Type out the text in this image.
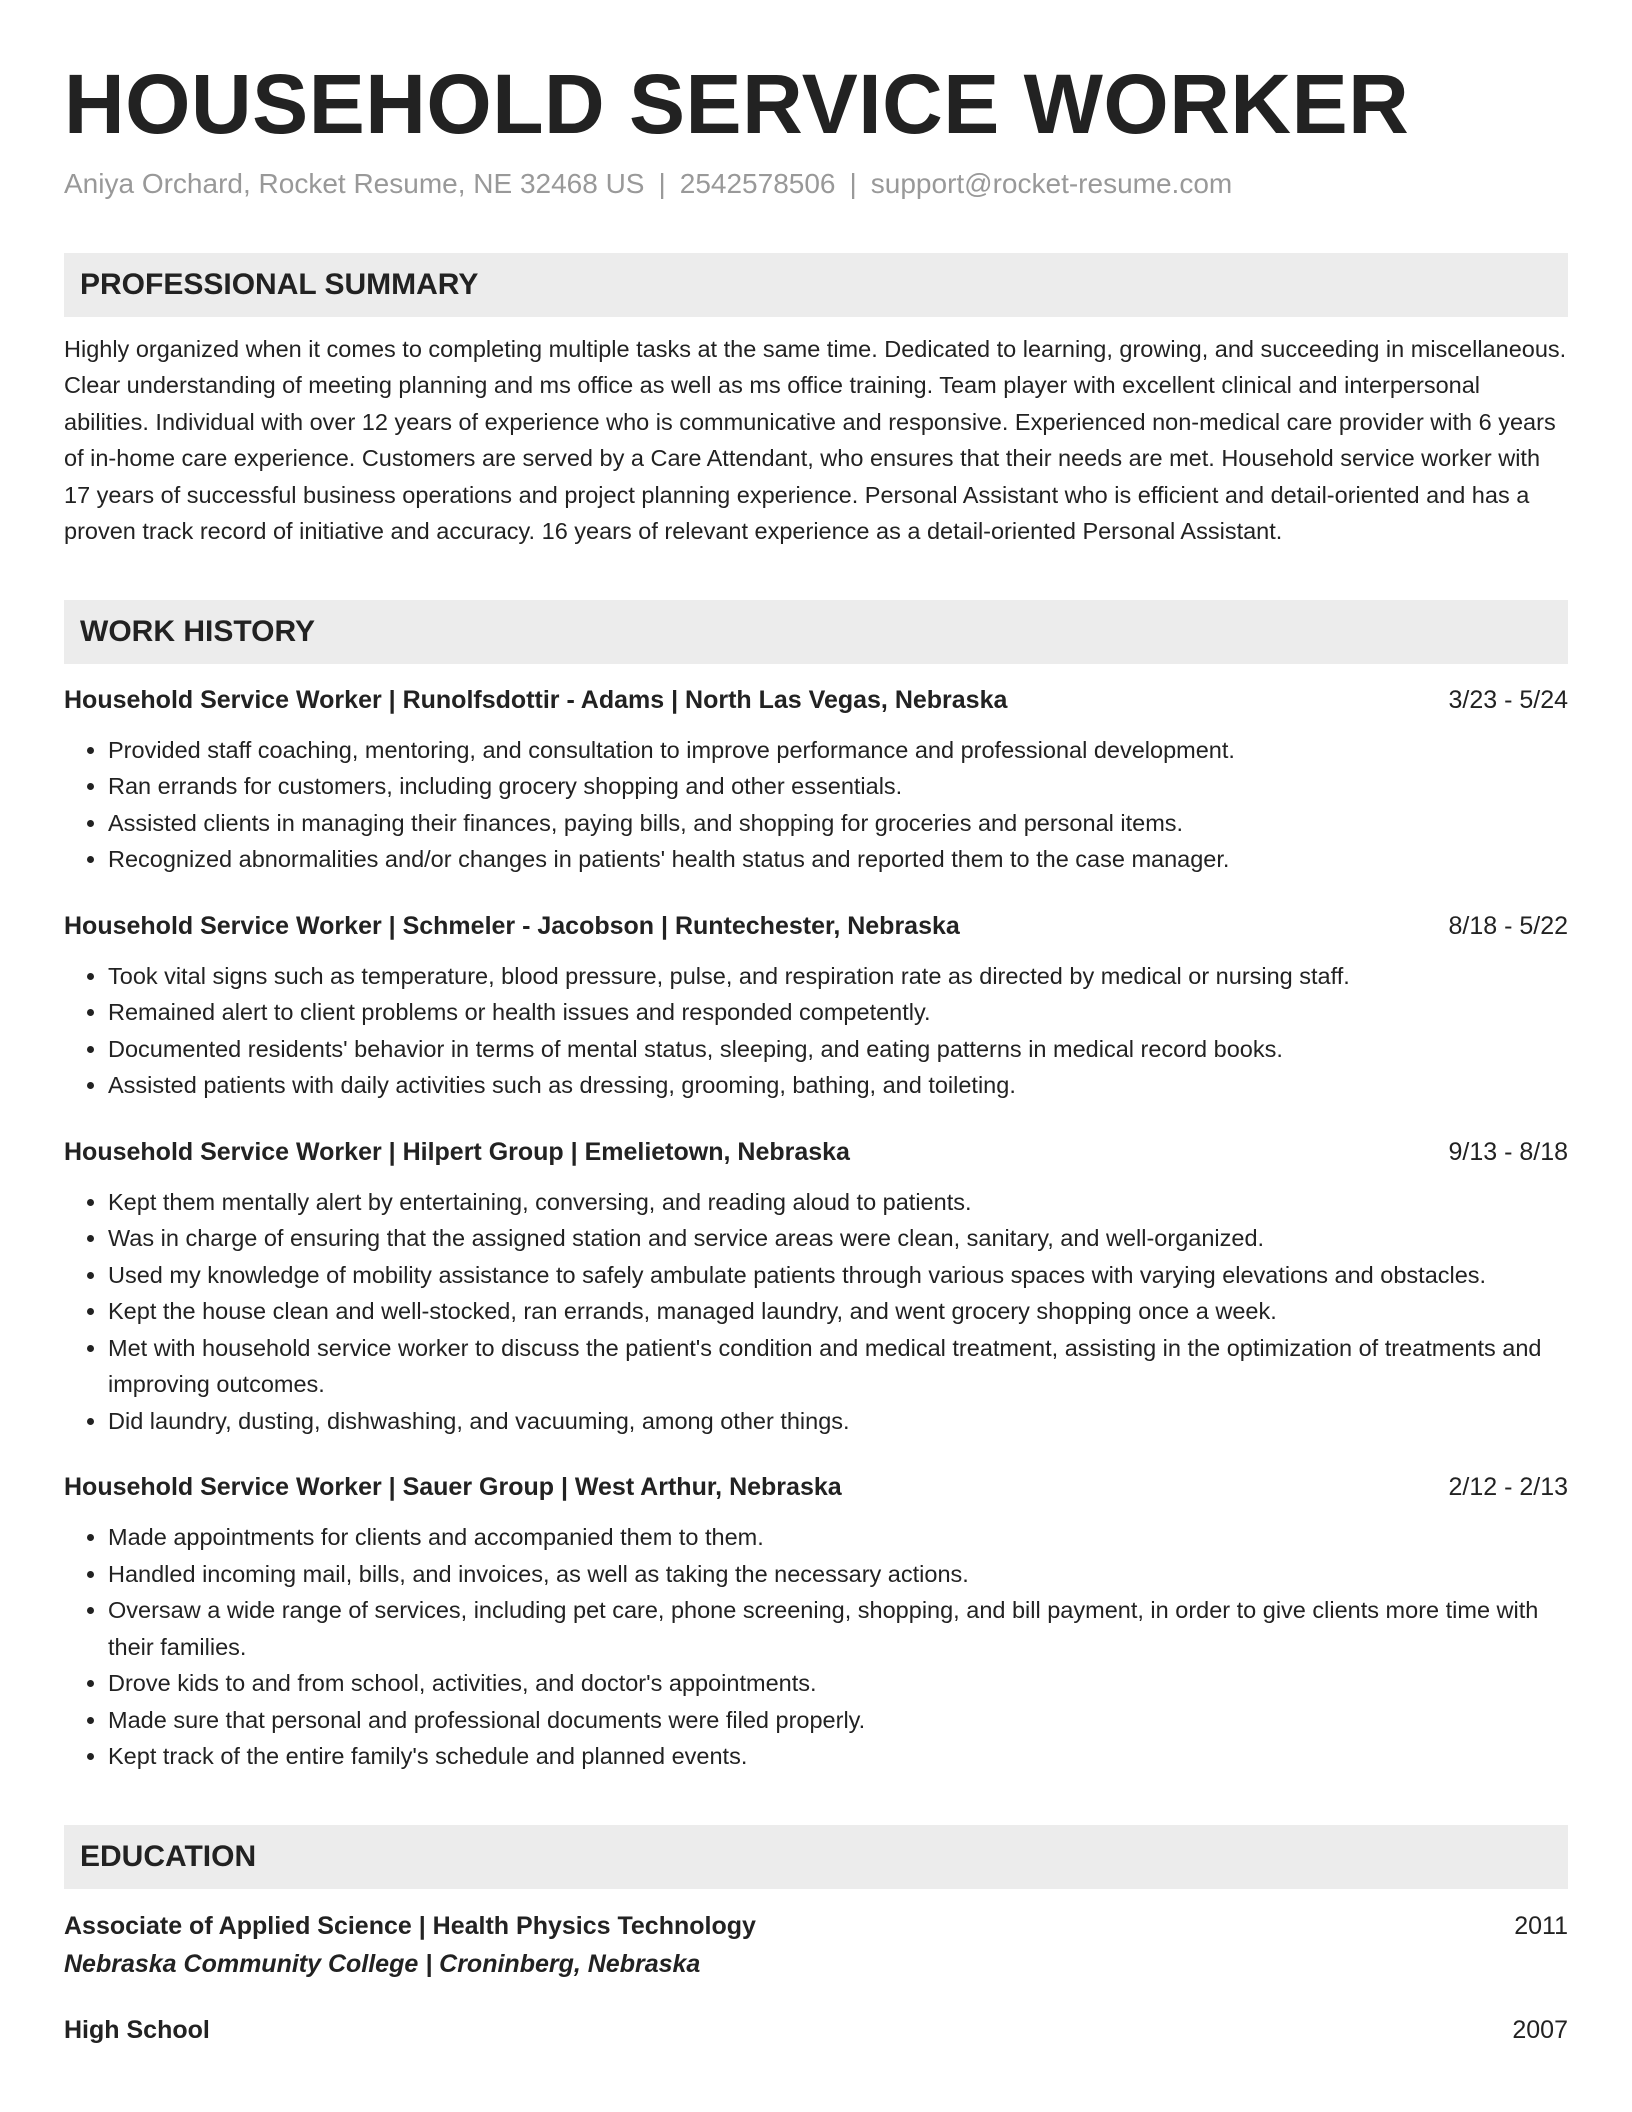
HOUSEHOLD SERVICE WORKER
Aniya Orchard, Rocket Resume, NE 32468 US | 2542578506 | support@rocket-resume.com
PROFESSIONAL SUMMARY
Highly organized when it comes to completing multiple tasks at the same time. Dedicated to learning, growing, and succeeding in miscellaneous. Clear understanding of meeting planning and ms office as well as ms office training. Team player with excellent clinical and interpersonal abilities. Individual with over 12 years of experience who is communicative and responsive. Experienced non-medical care provider with 6 years of in-home care experience. Customers are served by a Care Attendant, who ensures that their needs are met. Household service worker with 17 years of successful business operations and project planning experience. Personal Assistant who is efficient and detail-oriented and has a proven track record of initiative and accuracy. 16 years of relevant experience as a detail-oriented Personal Assistant.
WORK HISTORY
Household Service Worker | Runolfsdottir - Adams | North Las Vegas, Nebraska	3/23 - 5/24
• Provided staff coaching, mentoring, and consultation to improve performance and professional development.
• Ran errands for customers, including grocery shopping and other essentials.
• Assisted clients in managing their finances, paying bills, and shopping for groceries and personal items.
• Recognized abnormalities and/or changes in patients' health status and reported them to the case manager.
Household Service Worker | Schmeler - Jacobson | Runtechester, Nebraska	8/18 - 5/22
• Took vital signs such as temperature, blood pressure, pulse, and respiration rate as directed by medical or nursing staff.
• Remained alert to client problems or health issues and responded competently.
• Documented residents' behavior in terms of mental status, sleeping, and eating patterns in medical record books.
• Assisted patients with daily activities such as dressing, grooming, bathing, and toileting.
Household Service Worker | Hilpert Group | Emelietown, Nebraska	9/13 - 8/18
• Kept them mentally alert by entertaining, conversing, and reading aloud to patients.
• Was in charge of ensuring that the assigned station and service areas were clean, sanitary, and well-organized.
• Used my knowledge of mobility assistance to safely ambulate patients through various spaces with varying elevations and obstacles.
• Kept the house clean and well-stocked, ran errands, managed laundry, and went grocery shopping once a week.
• Met with household service worker to discuss the patient's condition and medical treatment, assisting in the optimization of treatments and improving outcomes.
• Did laundry, dusting, dishwashing, and vacuuming, among other things.
Household Service Worker | Sauer Group | West Arthur, Nebraska	2/12 - 2/13
• Made appointments for clients and accompanied them to them.
• Handled incoming mail, bills, and invoices, as well as taking the necessary actions.
• Oversaw a wide range of services, including pet care, phone screening, shopping, and bill payment, in order to give clients more time with their families.
• Drove kids to and from school, activities, and doctor's appointments.
• Made sure that personal and professional documents were filed properly.
• Kept track of the entire family's schedule and planned events.
EDUCATION
Associate of Applied Science | Health Physics Technology	2011
Nebraska Community College | Croninberg, Nebraska
High School	2007
